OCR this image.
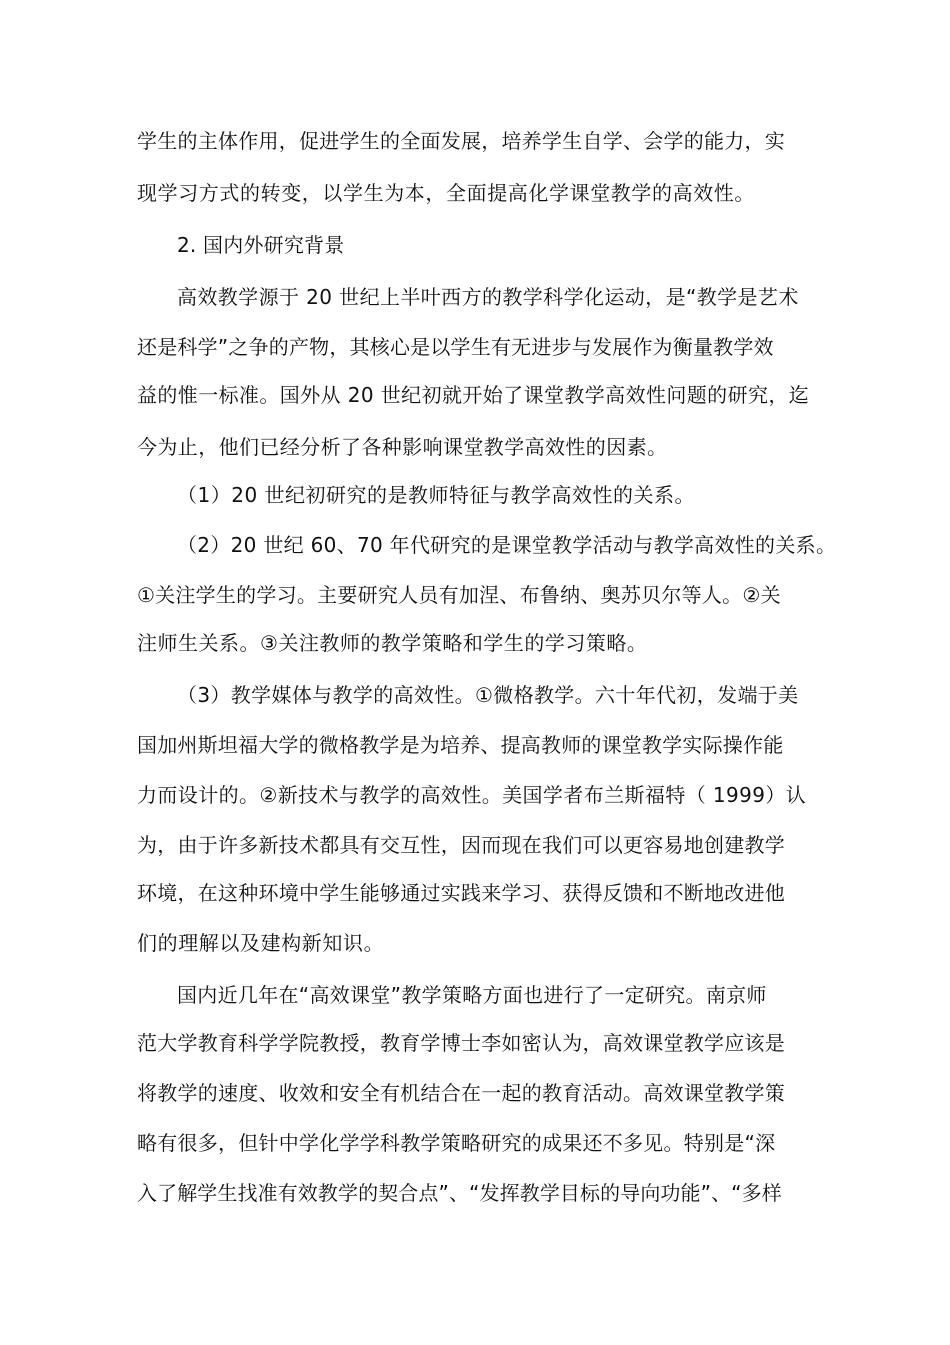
学生的主体作用，促进学生的全面发展，培养学生自学、会学的能力，实

现学习方式的转变，以学生为本，全面提高化学课堂教学的高效性。

2. 国内外研究背景

高效教学源于 20 世纪上半叶西方的教学科学化运动，是“教学是艺术

还是科学”之争的产物，其核心是以学生有无进步与发展作为衡量教学效

益的惟一标准。国外从 20 世纪初就开始了课堂教学高效性问题的研究，迄

今为止，他们已经分析了各种影响课堂教学高效性的因素。

（1）20 世纪初研究的是教师特征与教学高效性的关系。

（2）20 世纪 60、70 年代研究的是课堂教学活动与教学高效性的关系。

①关注学生的学习。主要研究人员有加涅、布鲁纳、奥苏贝尔等人。②关

注师生关系。③关注教师的教学策略和学生的学习策略。

（3）教学媒体与教学的高效性。①微格教学。六十年代初，发端于美

国加州斯坦福大学的微格教学是为培养、提高教师的课堂教学实际操作能

力而设计的。②新技术与教学的高效性。美国学者布兰斯福特（ 1999）认

为，由于许多新技术都具有交互性，因而现在我们可以更容易地创建教学

环境，在这种环境中学生能够通过实践来学习、获得反馈和不断地改进他

们的理解以及建构新知识。

国内近几年在“高效课堂”教学策略方面也进行了一定研究。南京师

范大学教育科学学院教授，教育学博士李如密认为，高效课堂教学应该是

将教学的速度、收效和安全有机结合在一起的教育活动。高效课堂教学策

略有很多，但针中学化学学科教学策略研究的成果还不多见。特别是“深

入了解学生找准有效教学的契合点”、“发挥教学目标的导向功能”、“多样
